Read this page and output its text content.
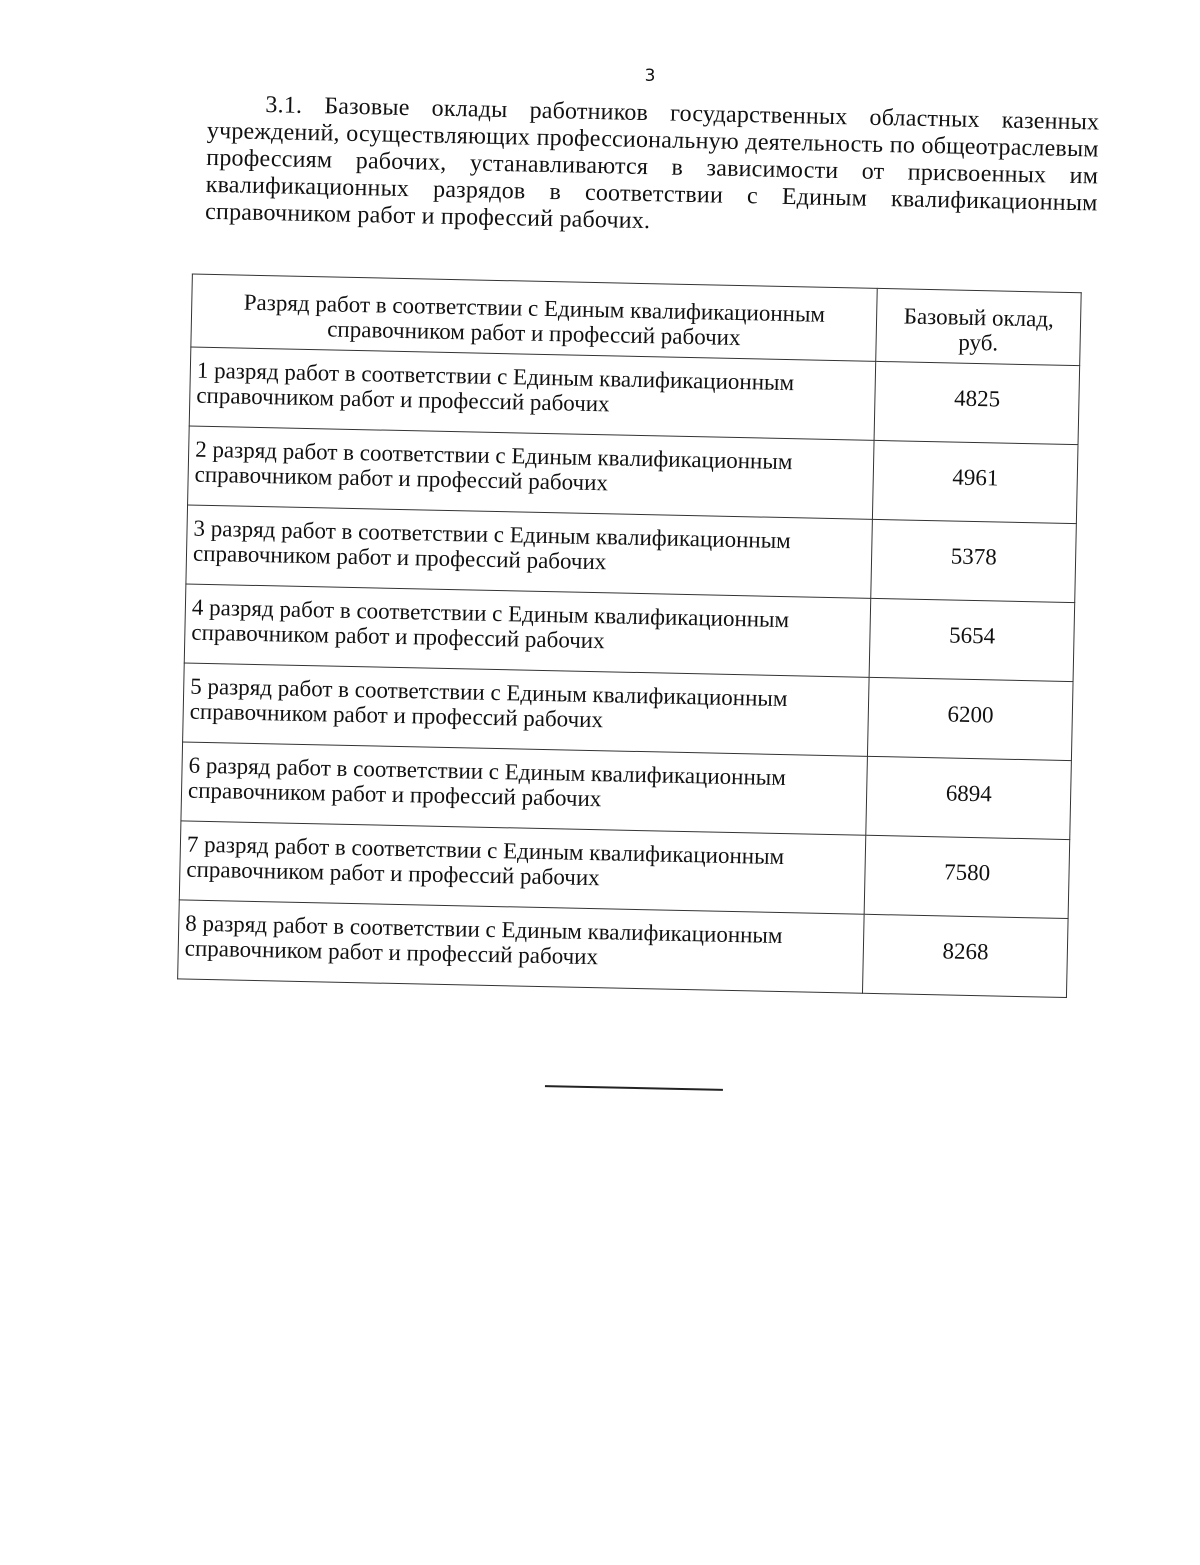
3

3.1. Базовые оклады работников государственных областных казенных учреждений, осуществляющих профессиональную деятельность по общеотраслевым профессиям рабочих, устанавливаются в зависимости от присвоенных им квалификационных разрядов в соответствии с Единым квалификационным справочником работ и профессий рабочих.

Разряд работ в соответствии с Единым квалификационным справочником работ и профессий рабочих	Базовый оклад, руб.
1 разряд работ в соответствии с Единым квалификационным справочником работ и профессий рабочих	4825
2 разряд работ в соответствии с Единым квалификационным справочником работ и профессий рабочих	4961
3 разряд работ в соответствии с Единым квалификационным справочником работ и профессий рабочих	5378
4 разряд работ в соответствии с Единым квалификационным справочником работ и профессий рабочих	5654
5 разряд работ в соответствии с Единым квалификационным справочником работ и профессий рабочих	6200
6 разряд работ в соответствии с Единым квалификационным справочником работ и профессий рабочих	6894
7 разряд работ в соответствии с Единым квалификационным справочником работ и профессий рабочих	7580
8 разряд работ в соответствии с Единым квалификационным справочником работ и профессий рабочих	8268
